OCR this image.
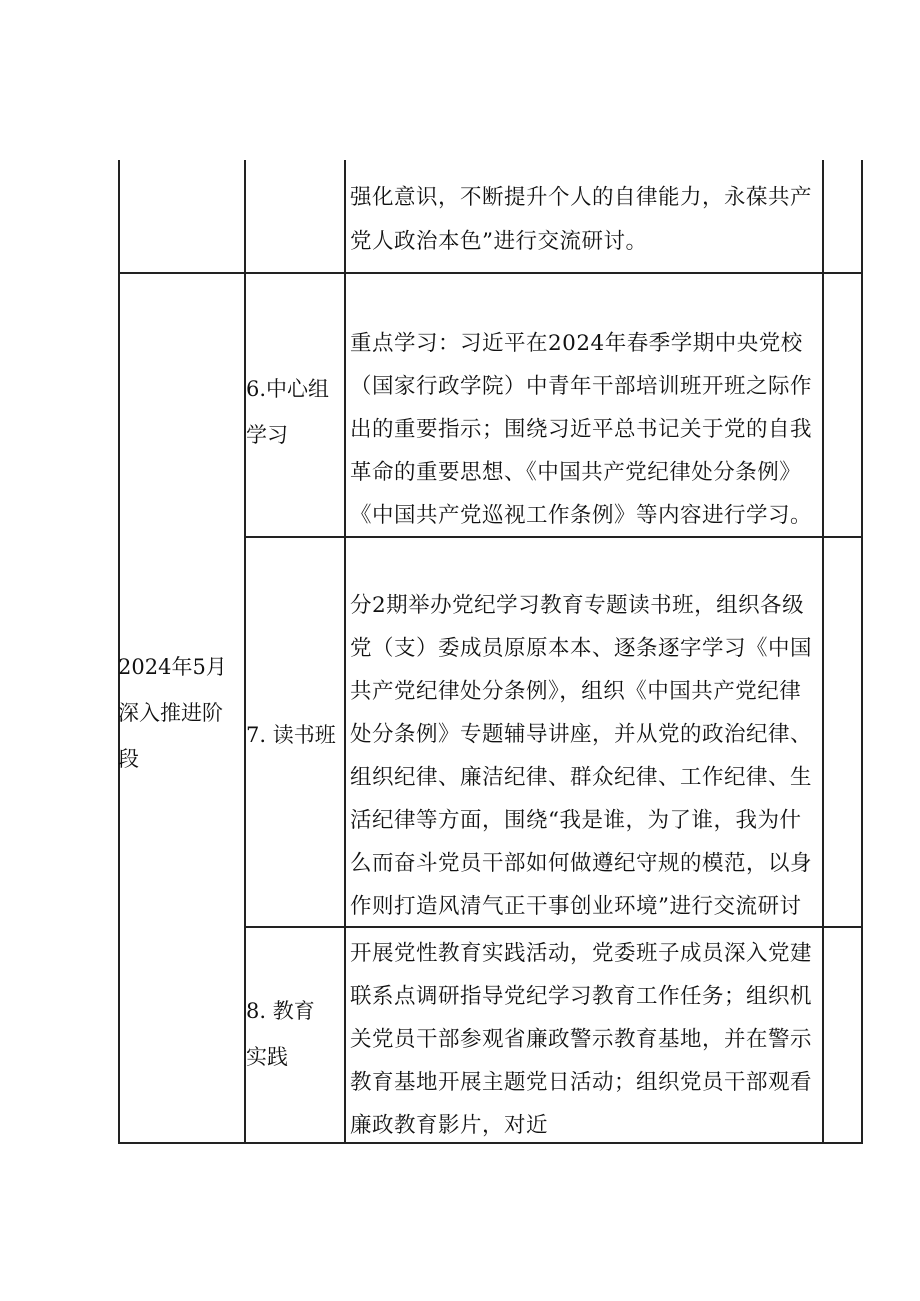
强化意识，不断提升个人的自律能力，永葆共产
党人政治本色”进行交流研讨。
2024年5月
深入推进阶
段
6.中心组
学习
重点学习：习近平在2024年春季学期中央党校
（国家行政学院）中青年干部培训班开班之际作
出的重要指示；围绕习近平总书记关于党的自我
革命的重要思想、《中国共产党纪律处分条例》
《中国共产党巡视工作条例》等内容进行学习。
7. 读书班
分2期举办党纪学习教育专题读书班，组织各级
党（支）委成员原原本本、逐条逐字学习《中国
共产党纪律处分条例》，组织《中国共产党纪律
处分条例》专题辅导讲座，并从党的政治纪律、
组织纪律、廉洁纪律、群众纪律、工作纪律、生
活纪律等方面，围绕“我是谁，为了谁，我为什
么而奋斗党员干部如何做遵纪守规的模范，以身
作则打造风清气正干事创业环境”进行交流研讨
8. 教育
实践
开展党性教育实践活动，党委班子成员深入党建
联系点调研指导党纪学习教育工作任务；组织机
关党员干部参观省廉政警示教育基地，并在警示
教育基地开展主题党日活动；组织党员干部观看
廉政教育影片，对近
